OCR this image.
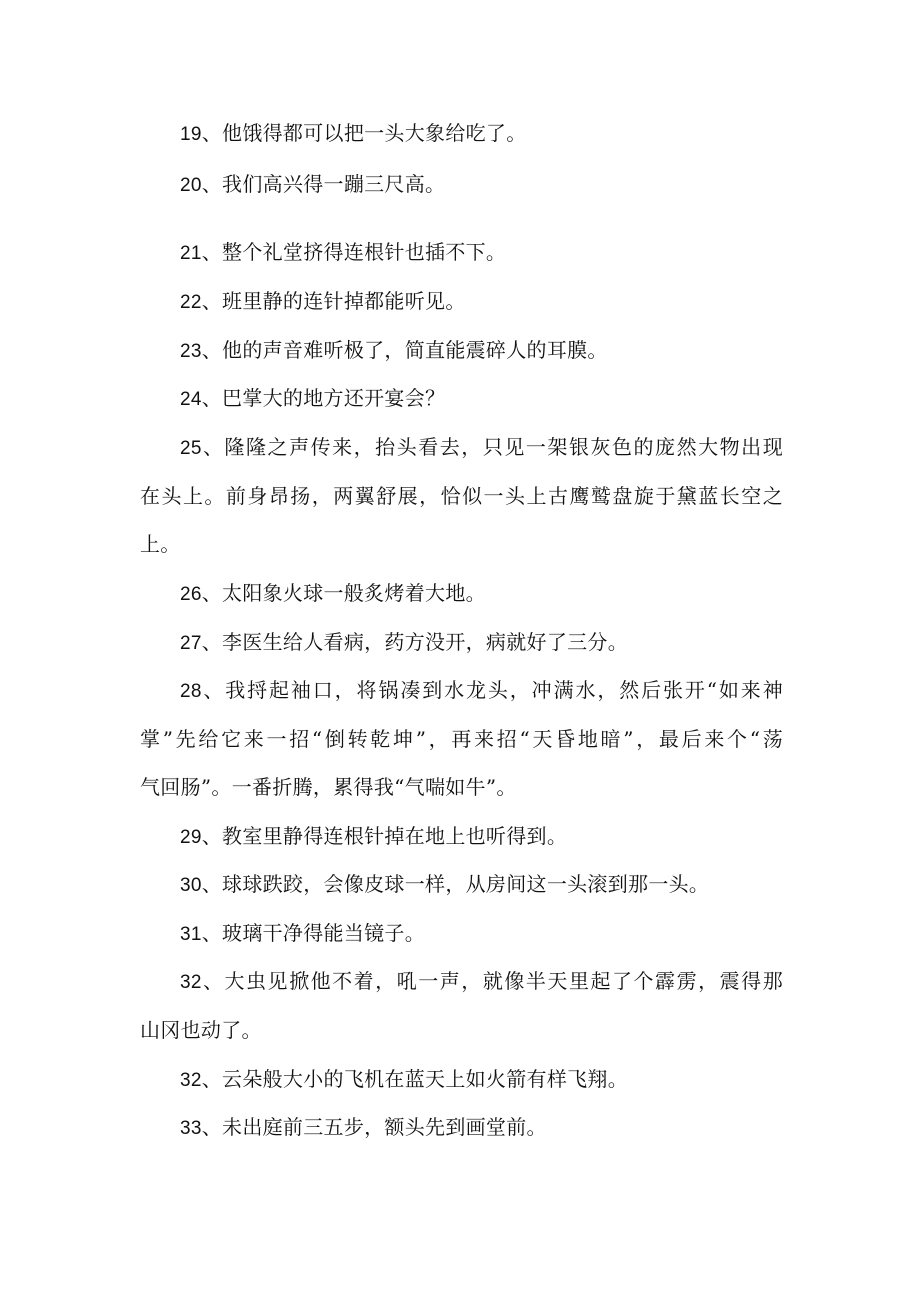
19、他饿得都可以把一头大象给吃了。
20、我们高兴得一蹦三尺高。
21、整个礼堂挤得连根针也插不下。
22、班里静的连针掉都能听见。
23、他的声音难听极了，简直能震碎人的耳膜。
24、巴掌大的地方还开宴会？
25、隆隆之声传来，抬头看去，只见一架银灰色的庞然大物出现
在头上。前身昂扬，两翼舒展，恰似一头上古鹰鹫盘旋于黛蓝长空之
上。
26、太阳象火球一般炙烤着大地。
27、李医生给人看病，药方没开，病就好了三分。
28、我捋起袖口，将锅凑到水龙头，冲满水，然后张开“如来神
掌”先给它来一招“倒转乾坤”，再来招“天昏地暗”，最后来个“荡
气回肠”。一番折腾，累得我“气喘如牛”。
29、教室里静得连根针掉在地上也听得到。
30、球球跌跤，会像皮球一样，从房间这一头滚到那一头。
31、玻璃干净得能当镜子。
32、大虫见掀他不着，吼一声，就像半天里起了个霹雳，震得那
山冈也动了。
32、云朵般大小的飞机在蓝天上如火箭有样飞翔。
33、未出庭前三五步，额头先到画堂前。
